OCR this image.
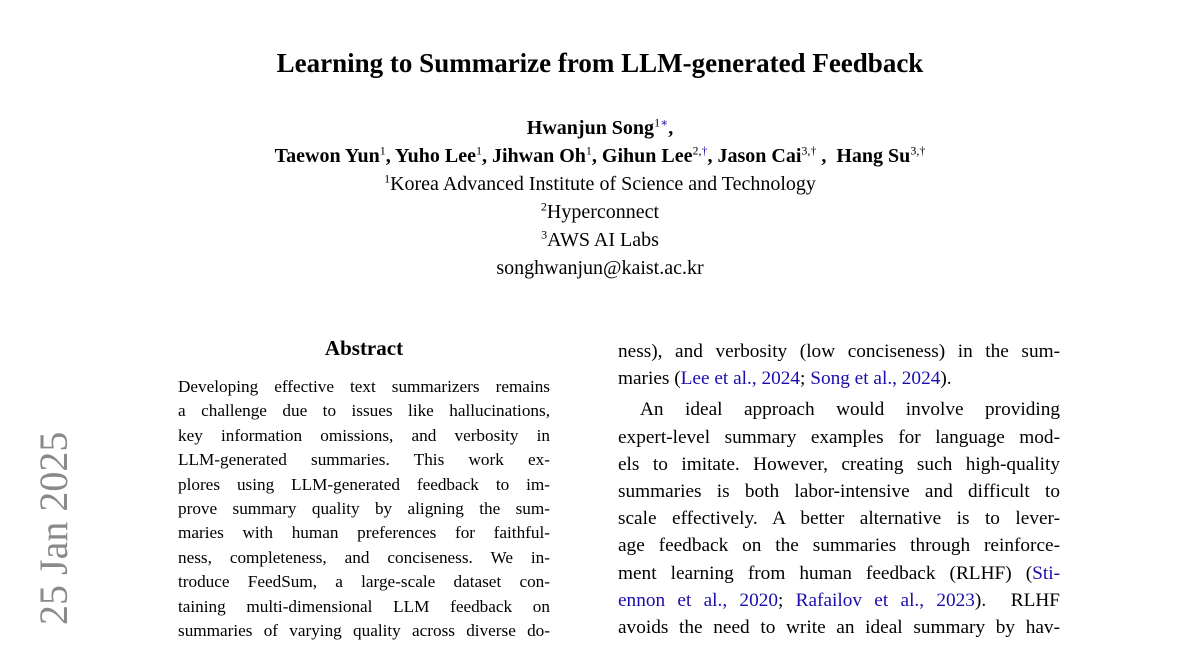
Learning to Summarize from LLM-generated Feedback
Hwanjun Song$^{1∗}$,
Taewon Yun$^1$, Yuho Lee$^1$, Jihwan Oh$^1$, Gihun Lee$^{2,\dagger}$, Jason Cai$^{3,\dagger}$ ,  Hang $Su^{3,\dagger}$
$^1$Korea Advanced Institute of Science and Technology
$^2$Hyperconnect
$^3$AWS AI Labs
songhwanjun@kaist.ac.kr
Abstract
Developing effective text summarizers remains
a challenge due to issues like hallucinations,
key information omissions, and verbosity in
LLM-generated summaries. This work ex-
plores using LLM-generated feedback to im-
prove summary quality by aligning the sum-
maries with human preferences for faithful-
ness, completeness, and conciseness. We in-
troduce FeedSum, a large-scale dataset con-
taining multi-dimensional LLM feedback on
summaries of varying quality across diverse do-
ness), and verbosity (low conciseness) in the sum-
maries (Lee et al., 2024; Song et al., 2024).
An ideal approach would involve providing
expert-level summary examples for language mod-
els to imitate. However, creating such high-quality
summaries is both labor-intensive and difficult to
scale effectively. A better alternative is to lever-
age feedback on the summaries through reinforce-
ment learning from human feedback (RLHF) (Sti-
ennon et al., 2020; Rafailov et al., 2023).  RLHF
avoids the need to write an ideal summary by hav-
25 Jan 2025
